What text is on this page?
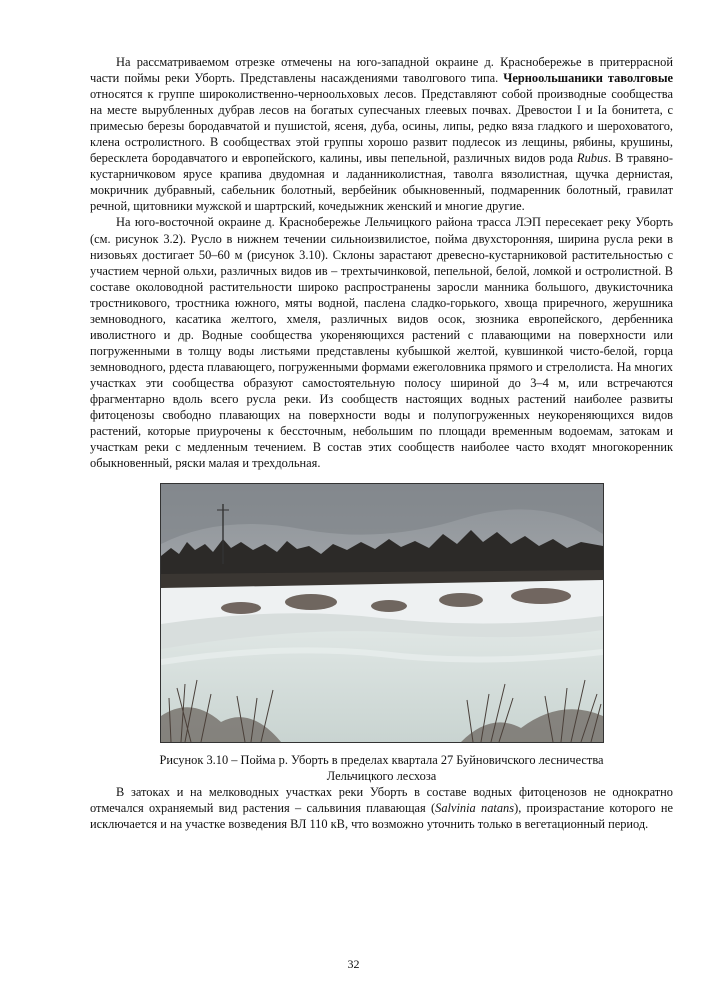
На рассматриваемом отрезке отмечены на юго-западной окраине д. Краснобережье в притеррасной части поймы реки Уборть. Представлены насаждениями таволгового типа. Черноольшаники таволговые относятся к группе широколиственно-черноольховых лесов. Представляют собой производные сообщества на месте вырубленных дубрав лесов на богатых супесчаных глеевых почвах. Древостои I и Iа бонитета, с примесью березы бородавчатой и пушистой, ясеня, дуба, осины, липы, редко вяза гладкого и шероховатого, клена остролистного. В сообществах этой группы хорошо развит подлесок из лещины, рябины, крушины, бересклета бородавчатого и европейского, калины, ивы пепельной, различных видов рода Rubus. В травяно-кустарничковом ярусе крапива двудомная и ладанниколистная, таволга вязолистная, щучка дернистая, мокричник дубравный, сабельник болотный, вербейник обыкновенный, подмаренник болотный, гравилат речной, щитовники мужской и шартрский, кочедыжник женский и многие другие.

На юго-восточной окраине д. Краснобережье Лельчицкого района трасса ЛЭП пересекает реку Уборть (см. рисунок 3.2). Русло в нижнем течении сильноизвилистое, пойма двухсторонняя, ширина русла реки в низовьях достигает 50–60 м (рисунок 3.10). Склоны зарастают древесно-кустарниковой растительностью с участием черной ольхи, различных видов ив – трехтычинковой, пепельной, белой, ломкой и остролистной. В составе околоводной растительности широко распространены заросли манника большого, двукисточника тростникового, тростника южного, мяты водной, паслена сладко-горького, хвоща приречного, жерушника земноводного, касатика желтого, хмеля, различных видов осок, зюзника европейского, дербенника иволистного и др. Водные сообщества укореняющихся растений с плавающими на поверхности или погруженными в толщу воды листьями представлены кубышкой желтой, кувшинкой чисто-белой, горца земноводного, рдеста плавающего, погруженными формами ежеголовника прямого и стрелолиста. На многих участках эти сообщества образуют самостоятельную полосу шириной до 3–4 м, или встречаются фрагментарно вдоль всего русла реки. Из сообществ настоящих водных растений наиболее развиты фитоценозы свободно плавающих на поверхности воды и полупогруженных неукореняющихся видов растений, которые приурочены к бессточным, небольшим по площади временным водоемам, затокам и участкам реки с медленным течением. В состав этих сообществ наиболее часто входят многокоренник обыкновенный, ряски малая и трехдольная.

Рисунок 3.10 – Пойма р. Уборть в пределах квартала 27 Буйновичского лесничества
Лельчицкого лесхоза

В затоках и на мелководных участках реки Уборть в составе водных фитоценозов не однократно отмечался охраняемый вид растения – сальвиния плавающая (Salvinia natans), произрастание которого не исключается и на участке возведения ВЛ 110 кВ, что возможно уточнить только в вегетационный период.

32
